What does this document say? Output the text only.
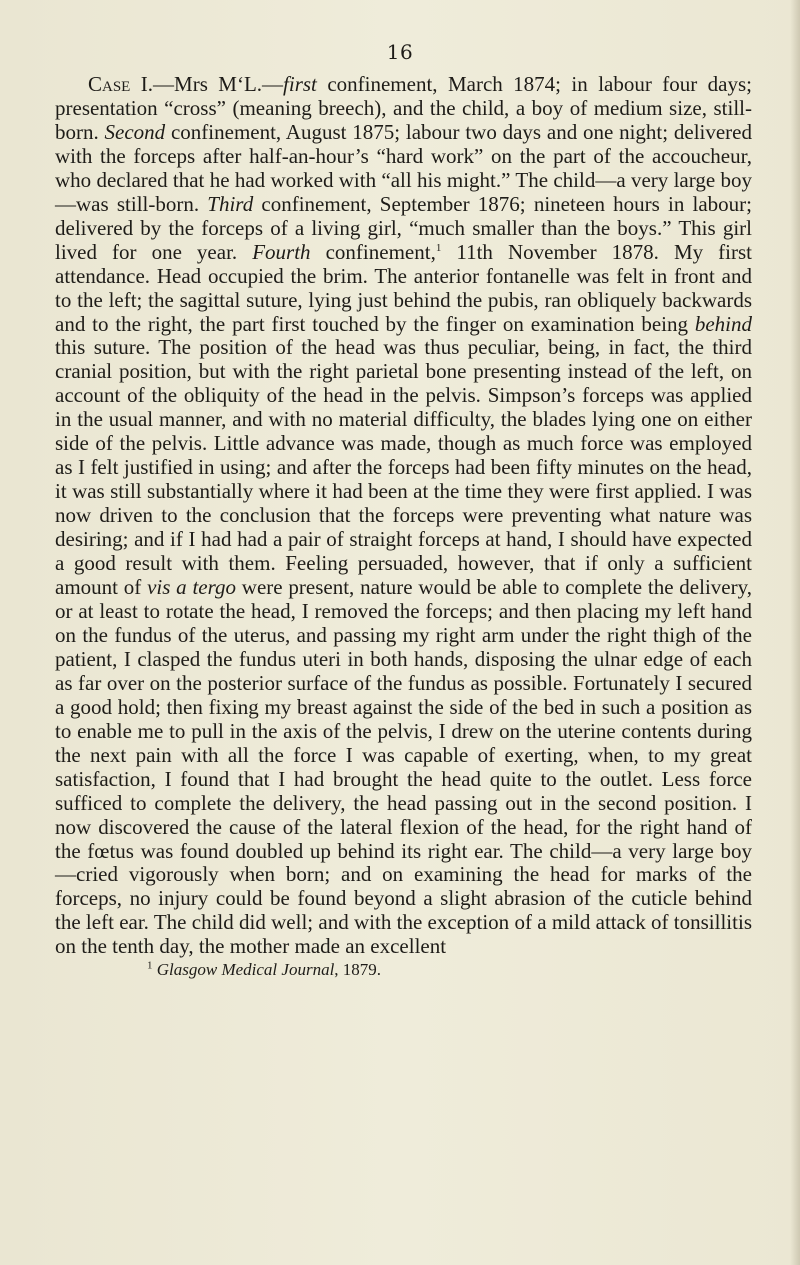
16

Case I.—Mrs M‘L.—first confinement, March 1874; in labour four days; presentation “cross” (meaning breech), and the child, a boy of medium size, still-born. Second confinement, August 1875; labour two days and one night; delivered with the forceps after half-an-hour’s “hard work” on the part of the accoucheur, who declared that he had worked with “all his might.” The child—a very large boy—was still-born. Third confinement, September 1876; nineteen hours in labour; delivered by the forceps of a living girl, “much smaller than the boys.” This girl lived for one year. Fourth confinement,$^1$ 11th November 1878. My first attendance. Head occupied the brim. The anterior fontanelle was felt in front and to the left; the sagittal suture, lying just behind the pubis, ran obliquely backwards and to the right, the part first touched by the finger on examination being behind this suture. The position of the head was thus peculiar, being, in fact, the third cranial position, but with the right parietal bone presenting instead of the left, on account of the obliquity of the head in the pelvis. Simpson’s forceps was applied in the usual manner, and with no material difficulty, the blades lying one on either side of the pelvis. Little advance was made, though as much force was employed as I felt justified in using; and after the forceps had been fifty minutes on the head, it was still substantially where it had been at the time they were first applied. I was now driven to the conclusion that the forceps were preventing what nature was desiring; and if I had had a pair of straight forceps at hand, I should have expected a good result with them. Feeling persuaded, however, that if only a sufficient amount of vis a tergo were present, nature would be able to complete the delivery, or at least to rotate the head, I removed the forceps; and then placing my left hand on the fundus of the uterus, and passing my right arm under the right thigh of the patient, I clasped the fundus uteri in both hands, disposing the ulnar edge of each as far over on the posterior surface of the fundus as possible. Fortunately I secured a good hold; then fixing my breast against the side of the bed in such a position as to enable me to pull in the axis of the pelvis, I drew on the uterine contents during the next pain with all the force I was capable of exerting, when, to my great satisfaction, I found that I had brought the head quite to the outlet. Less force sufficed to complete the delivery, the head passing out in the second position. I now discovered the cause of the lateral flexion of the head, for the right hand of the fœtus was found doubled up behind its right ear. The child—a very large boy—cried vigorously when born; and on examining the head for marks of the forceps, no injury could be found beyond a slight abrasion of the cuticle behind the left ear. The child did well; and with the exception of a mild attack of tonsillitis on the tenth day, the mother made an excellent

$^1$ Glasgow Medical Journal, 1879.
